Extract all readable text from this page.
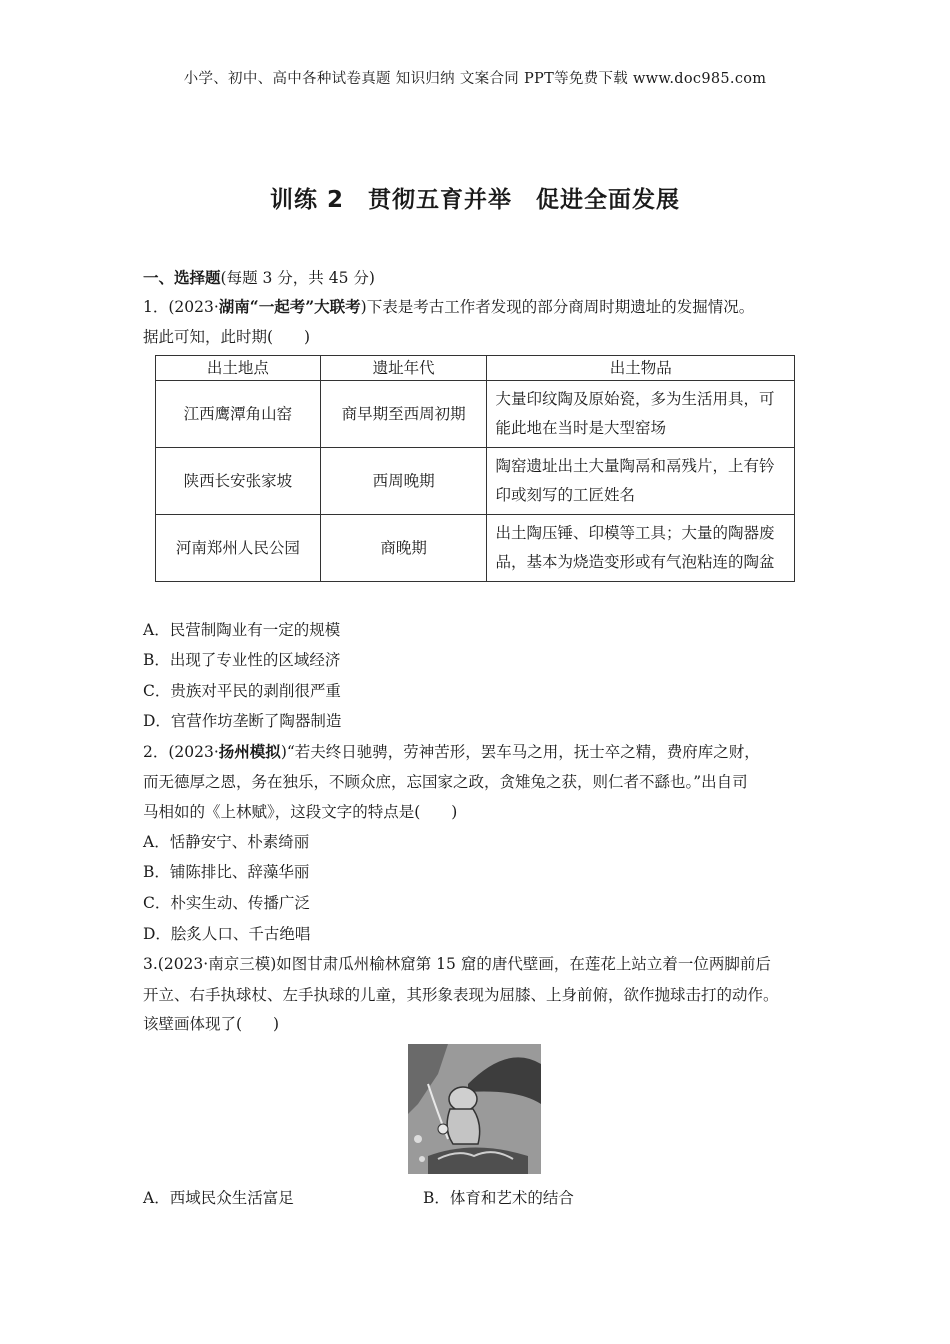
小学、初中、高中各种试卷真题 知识归纳 文案合同 PPT等免费下载 www.doc985.com
训练 2　贯彻五育并举　促进全面发展
一、选择题(每题 3 分，共 45 分)
1．(2023·湖南“一起考”大联考)下表是考古工作者发现的部分商周时期遗址的发掘情况。
据此可知，此时期(　　)
出土地点	遗址年代	出土物品
江西鹰潭角山窑	商早期至西周初期	大量印纹陶及原始瓷，多为生活用具，可能此地在当时是大型窑场
陕西长安张家坡	西周晚期	陶窑遗址出土大量陶鬲和鬲残片，上有钤印或刻写的工匠姓名
河南郑州人民公园	商晚期	出土陶压锤、印模等工具；大量的陶器废品，基本为烧造变形或有气泡粘连的陶盆
A．民营制陶业有一定的规模
B．出现了专业性的区域经济
C．贵族对平民的剥削很严重
D．官营作坊垄断了陶器制造
2．(2023·扬州模拟)“若夫终日驰骋，劳神苦形，罢车马之用，抚士卒之精，费府库之财，
而无德厚之恩，务在独乐，不顾众庶，忘国家之政，贪雉兔之获，则仁者不繇也。”出自司
马相如的《上林赋》，这段文字的特点是(　　)
A．恬静安宁、朴素绮丽
B．铺陈排比、辞藻华丽
C．朴实生动、传播广泛
D．脍炙人口、千古绝唱
3.(2023·南京三模)如图甘肃瓜州榆林窟第 15 窟的唐代壁画，在莲花上站立着一位两脚前后
开立、右手执球杖、左手执球的儿童，其形象表现为屈膝、上身前俯，欲作抛球击打的动作。
该壁画体现了(　　)
A．西域民众生活富足	B．体育和艺术的结合
